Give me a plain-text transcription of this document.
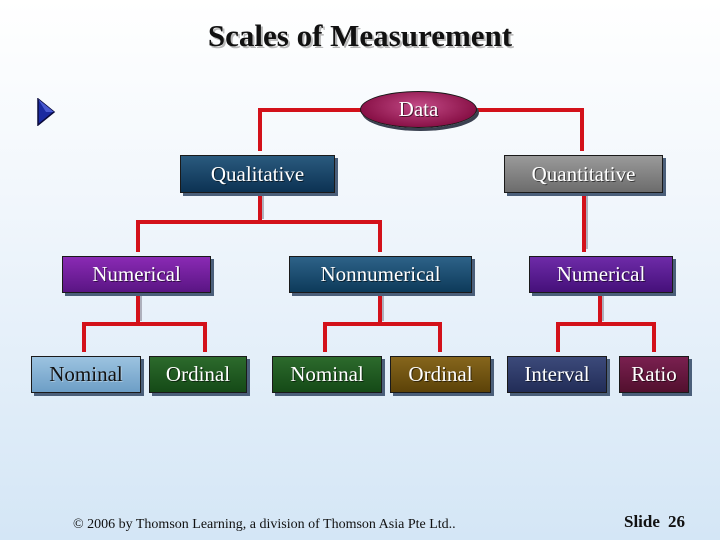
Scales of Measurement
Data
Qualitative	Quantitative
Numerical	Nonnumerical	Numerical
Nominal Ordinal	Nominal Ordinal Interval Ratio
© 2006 by Thomson Learning, a division of Thomson Asia Pte Ltd..	Slide 26
